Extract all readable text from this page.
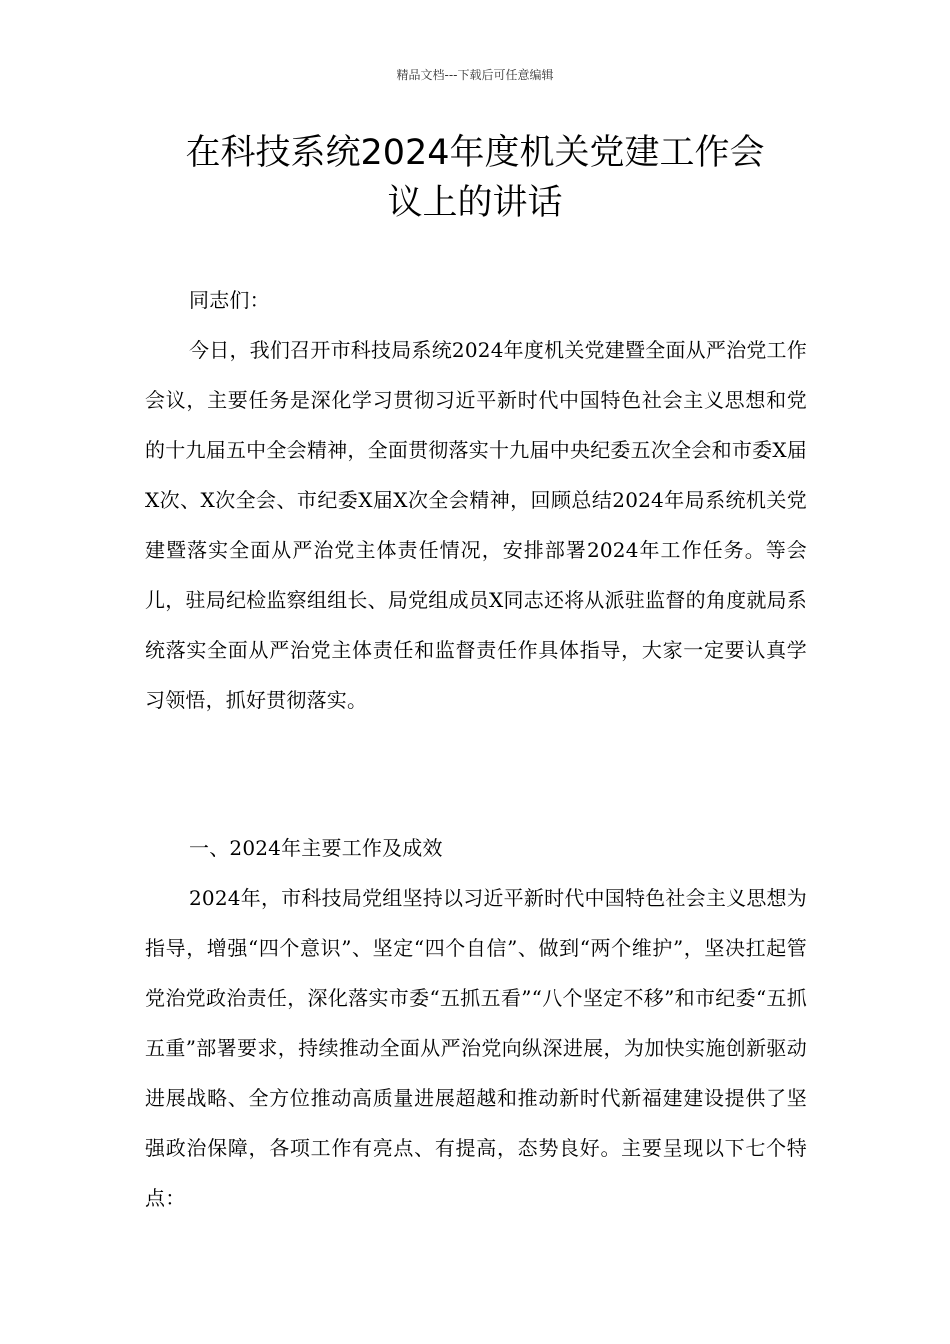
精品文档---下载后可任意编辑
在科技系统2024年度机关党建工作会
议上的讲话

同志们：

今日，我们召开市科技局系统2024年度机关党建暨全面从严治党工作会议，主要任务是深化学习贯彻习近平新时代中国特色社会主义思想和党的十九届五中全会精神，全面贯彻落实十九届中央纪委五次全会和市委X届X次、X次全会、市纪委X届X次全会精神，回顾总结2024年局系统机关党建暨落实全面从严治党主体责任情况，安排部署2024年工作任务。等会儿，驻局纪检监察组组长、局党组成员X同志还将从派驻监督的角度就局系统落实全面从严治党主体责任和监督责任作具体指导，大家一定要认真学习领悟，抓好贯彻落实。

一、2024年主要工作及成效

2024年，市科技局党组坚持以习近平新时代中国特色社会主义思想为指导，增强“四个意识”、坚定“四个自信”、做到“两个维护”，坚决扛起管党治党政治责任，深化落实市委“五抓五看”“八个坚定不移”和市纪委“五抓五重”部署要求，持续推动全面从严治党向纵深进展，为加快实施创新驱动进展战略、全方位推动高质量进展超越和推动新时代新福建建设提供了坚强政治保障，各项工作有亮点、有提高，态势良好。主要呈现以下七个特点：
